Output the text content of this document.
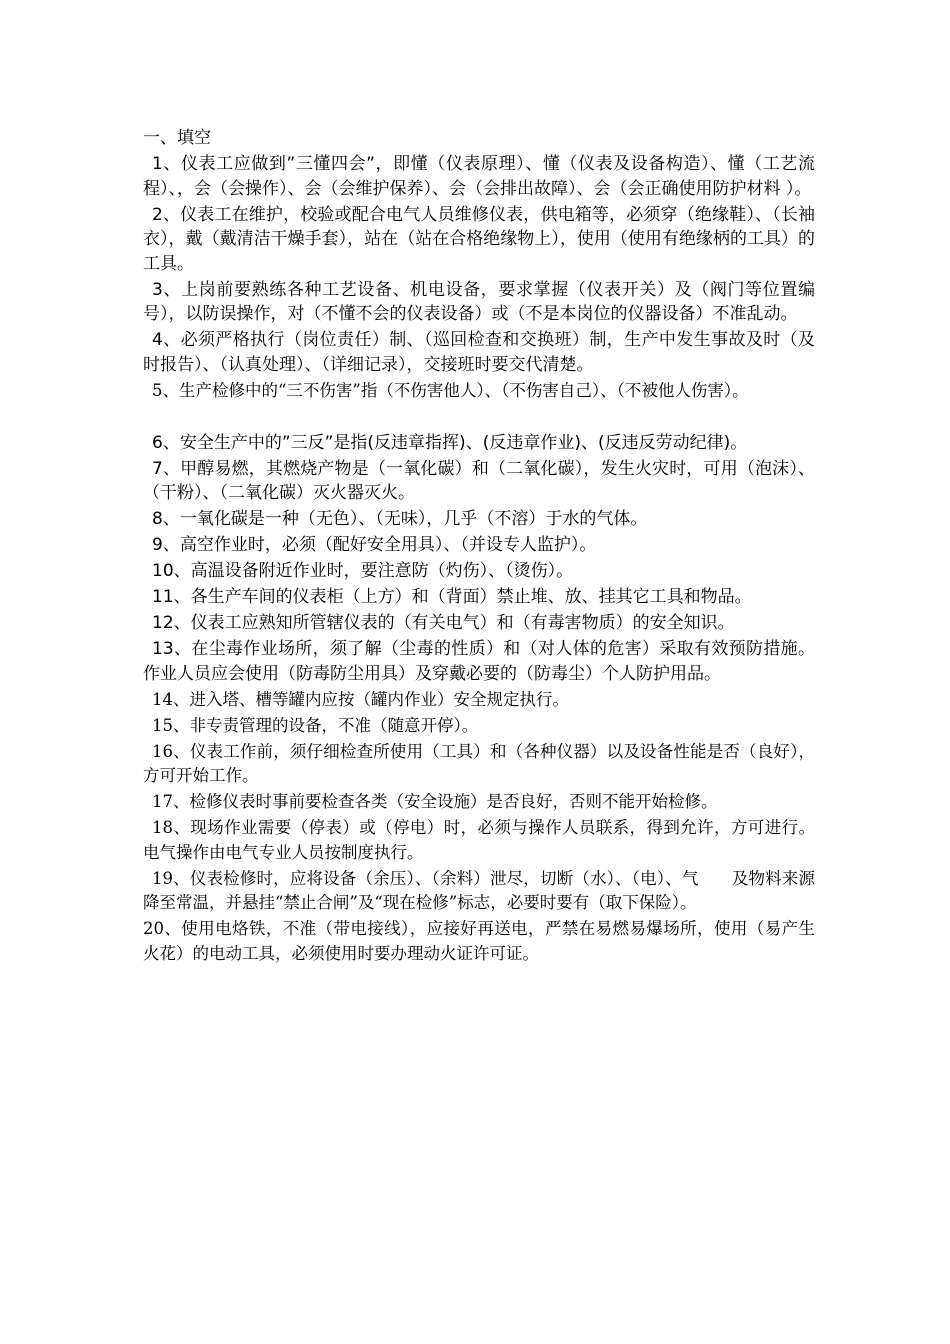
一、填空

1、仪表工应做到”三懂四会”，即懂（仪表原理）、懂（仪表及设备构造）、懂（工艺流程）、，会（会操作）、会（会维护保养）、会（会排出故障）、会（会正确使用防护材料 ）。

2、仪表工在维护，校验或配合电气人员维修仪表，供电箱等，必须穿（绝缘鞋）、（长袖衣），戴（戴清洁干燥手套），站在（站在合格绝缘物上），使用（使用有绝缘柄的工具）的工具。

3、上岗前要熟练各种工艺设备、机电设备，要求掌握（仪表开关）及（阀门等位置编号），以防误操作，对（不懂不会的仪表设备）或（不是本岗位的仪器设备）不准乱动。

4、必须严格执行（岗位责任）制、（巡回检查和交换班）制，生产中发生事故及时（及时报告）、（认真处理）、（详细记录），交接班时要交代清楚。

5、生产检修中的“三不伤害”指（不伤害他人）、（不伤害自己）、（不被他人伤害）。

6、安全生产中的”三反”是指(反违章指挥)、(反违章作业)、(反违反劳动纪律)。

7、甲醇易燃，其燃烧产物是（一氧化碳）和（二氧化碳），发生火灾时，可用（泡沫）、（干粉）、（二氧化碳）灭火器灭火。

8、一氧化碳是一种（无色）、（无味），几乎（不溶）于水的气体。

9、高空作业时，必须（配好安全用具）、（并设专人监护）。

10、高温设备附近作业时，要注意防（灼伤）、（烫伤）。

11、各生产车间的仪表柜（上方）和（背面）禁止堆、放、挂其它工具和物品。

12、仪表工应熟知所管辖仪表的（有关电气）和（有毒害物质）的安全知识。

13、在尘毒作业场所，须了解（尘毒的性质）和（对人体的危害）采取有效预防措施。作业人员应会使用（防毒防尘用具）及穿戴必要的（防毒尘）个人防护用品。

14、进入塔、槽等罐内应按（罐内作业）安全规定执行。

15、非专责管理的设备，不准（随意开停）。

16、仪表工作前，须仔细检查所使用（工具）和（各种仪器）以及设备性能是否（良好），方可开始工作。

17、检修仪表时事前要检查各类（安全设施）是否良好，否则不能开始检修。

18、现场作业需要（停表）或（停电）时，必须与操作人员联系，得到允许，方可进行。电气操作由电气专业人员按制度执行。

19、仪表检修时，应将设备（余压）、（余料）泄尽，切断（水）、（电）、气　　及物料来源降至常温，并悬挂“禁止合闸”及“现在检修”标志，必要时要有（取下保险）。

20、使用电烙铁，不准（带电接线），应接好再送电，严禁在易燃易爆场所，使用（易产生火花）的电动工具，必须使用时要办理动火证许可证。
